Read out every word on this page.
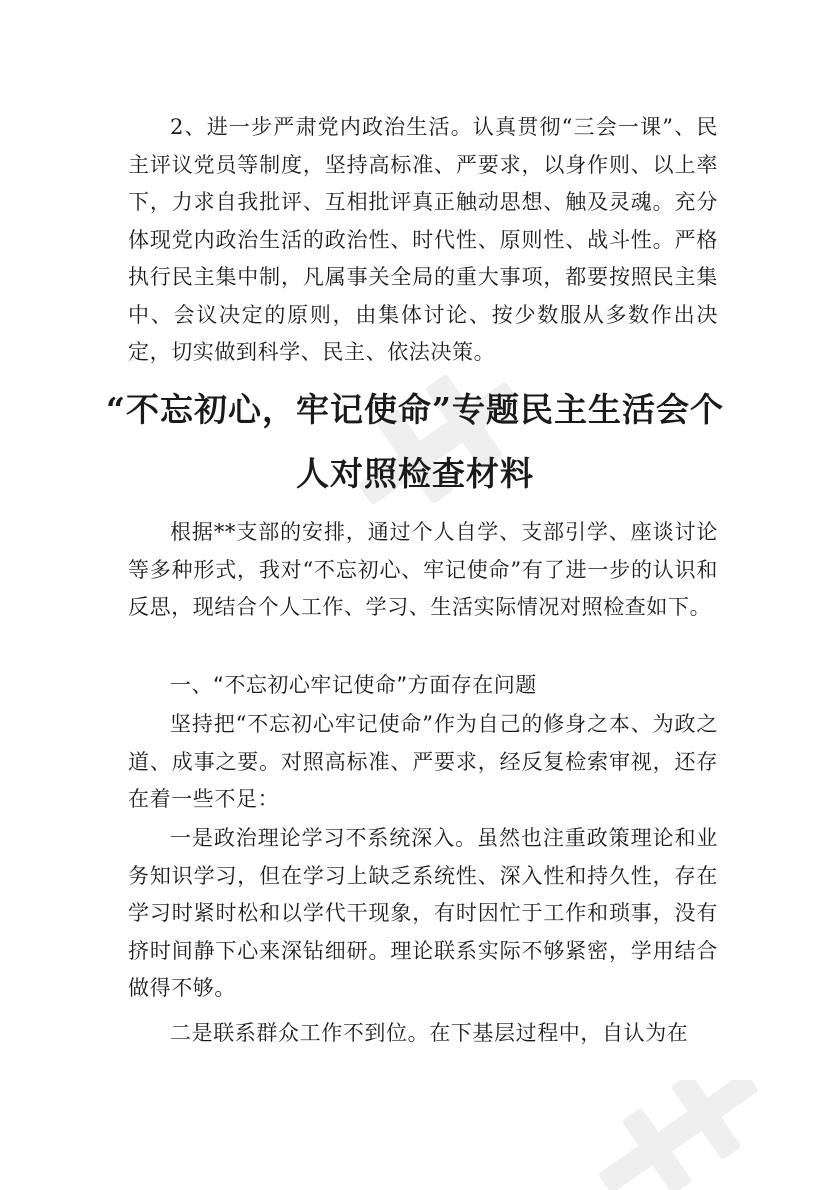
2、进一步严肃党内政治生活。认真贯彻“三会一课”、民主评议党员等制度，坚持高标准、严要求，以身作则、以上率下，力求自我批评、互相批评真正触动思想、触及灵魂。充分体现党内政治生活的政治性、时代性、原则性、战斗性。严格执行民主集中制，凡属事关全局的重大事项，都要按照民主集中、会议决定的原则，由集体讨论、按少数服从多数作出决定，切实做到科学、民主、依法决策。

“不忘初心，牢记使命”专题民主生活会个
人对照检查材料

根据**支部的安排，通过个人自学、支部引学、座谈讨论等多种形式，我对“不忘初心、牢记使命”有了进一步的认识和反思，现结合个人工作、学习、生活实际情况对照检查如下。

一、“不忘初心牢记使命”方面存在问题

坚持把“不忘初心牢记使命”作为自己的修身之本、为政之道、成事之要。对照高标准、严要求，经反复检索审视，还存在着一些不足：

一是政治理论学习不系统深入。虽然也注重政策理论和业务知识学习，但在学习上缺乏系统性、深入性和持久性，存在学习时紧时松和以学代干现象，有时因忙于工作和琐事，没有挤时间静下心来深钻细研。理论联系实际不够紧密，学用结合做得不够。

二是联系群众工作不到位。在下基层过程中，自认为在
